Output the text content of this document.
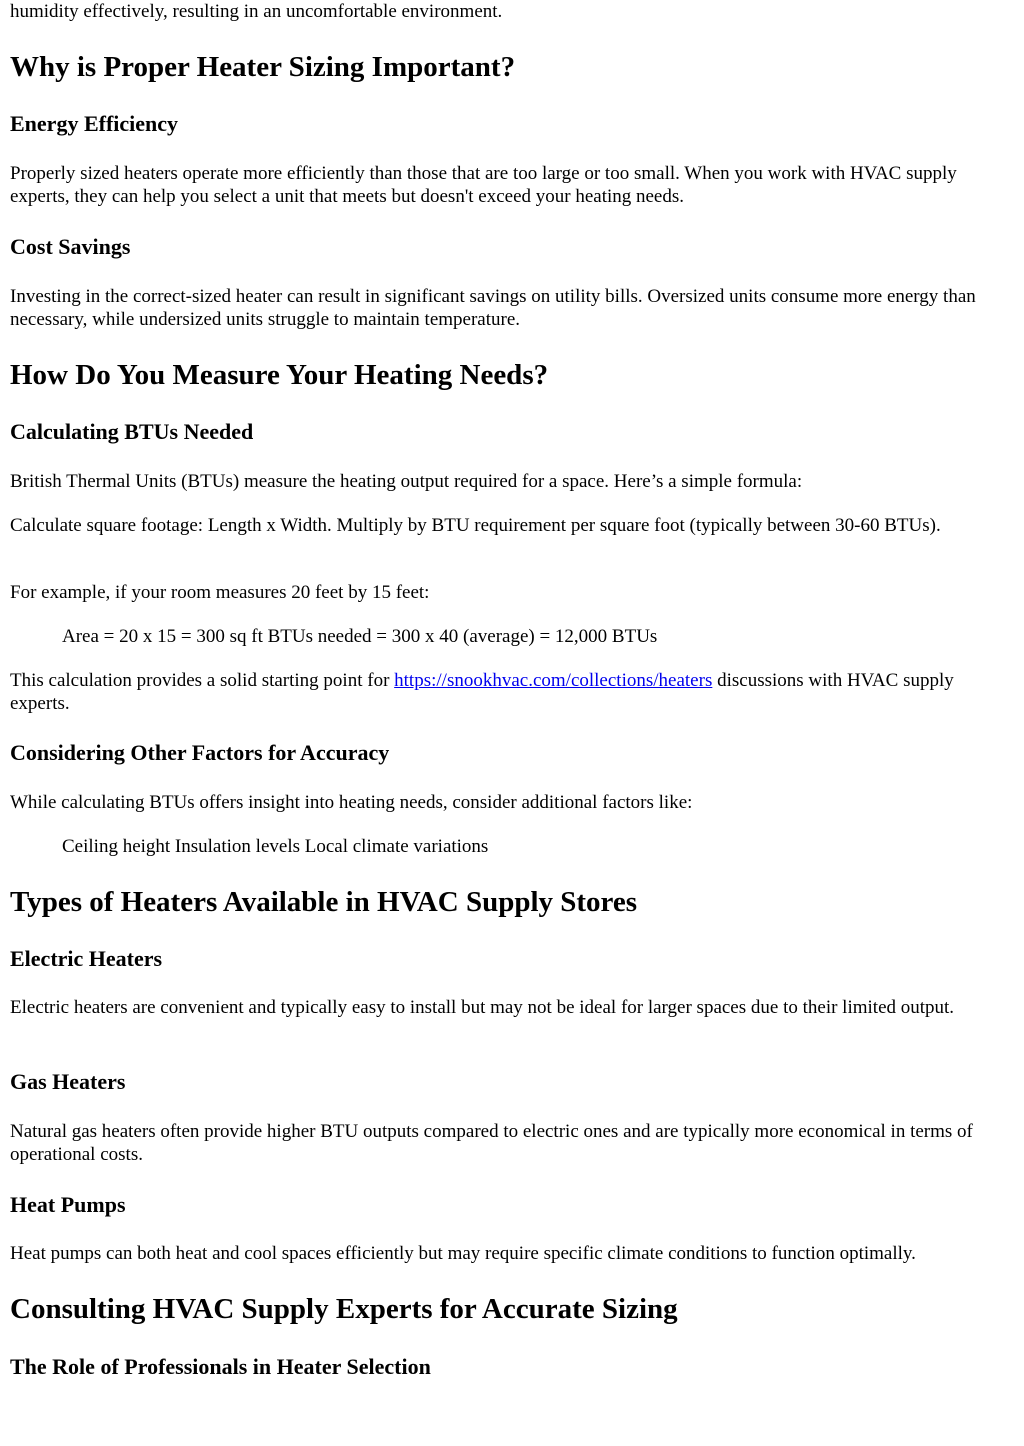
humidity effectively, resulting in an uncomfortable environment.

Why is Proper Heater Sizing Important?
Energy Efficiency

Properly sized heaters operate more efficiently than those that are too large or too small. When you work with HVAC supply experts, they can help you select a unit that meets but doesn't exceed your heating needs.

Cost Savings

Investing in the correct-sized heater can result in significant savings on utility bills. Oversized units consume more energy than necessary, while undersized units struggle to maintain temperature.

How Do You Measure Your Heating Needs?
Calculating BTUs Needed

British Thermal Units (BTUs) measure the heating output required for a space. Here’s a simple formula:

Calculate square footage: Length x Width. Multiply by BTU requirement per square foot (typically between 30-60 BTUs).

For example, if your room measures 20 feet by 15 feet:

Area = 20 x 15 = 300 sq ft BTUs needed = 300 x 40 (average) = 12,000 BTUs

This calculation provides a solid starting point for https://snookhvac.com/collections/heaters discussions with HVAC supply experts.

Considering Other Factors for Accuracy

While calculating BTUs offers insight into heating needs, consider additional factors like:

Ceiling height Insulation levels Local climate variations

Types of Heaters Available in HVAC Supply Stores
Electric Heaters

Electric heaters are convenient and typically easy to install but may not be ideal for larger spaces due to their limited output.

Gas Heaters

Natural gas heaters often provide higher BTU outputs compared to electric ones and are typically more economical in terms of operational costs.

Heat Pumps

Heat pumps can both heat and cool spaces efficiently but may require specific climate conditions to function optimally.

Consulting HVAC Supply Experts for Accurate Sizing
The Role of Professionals in Heater Selection
